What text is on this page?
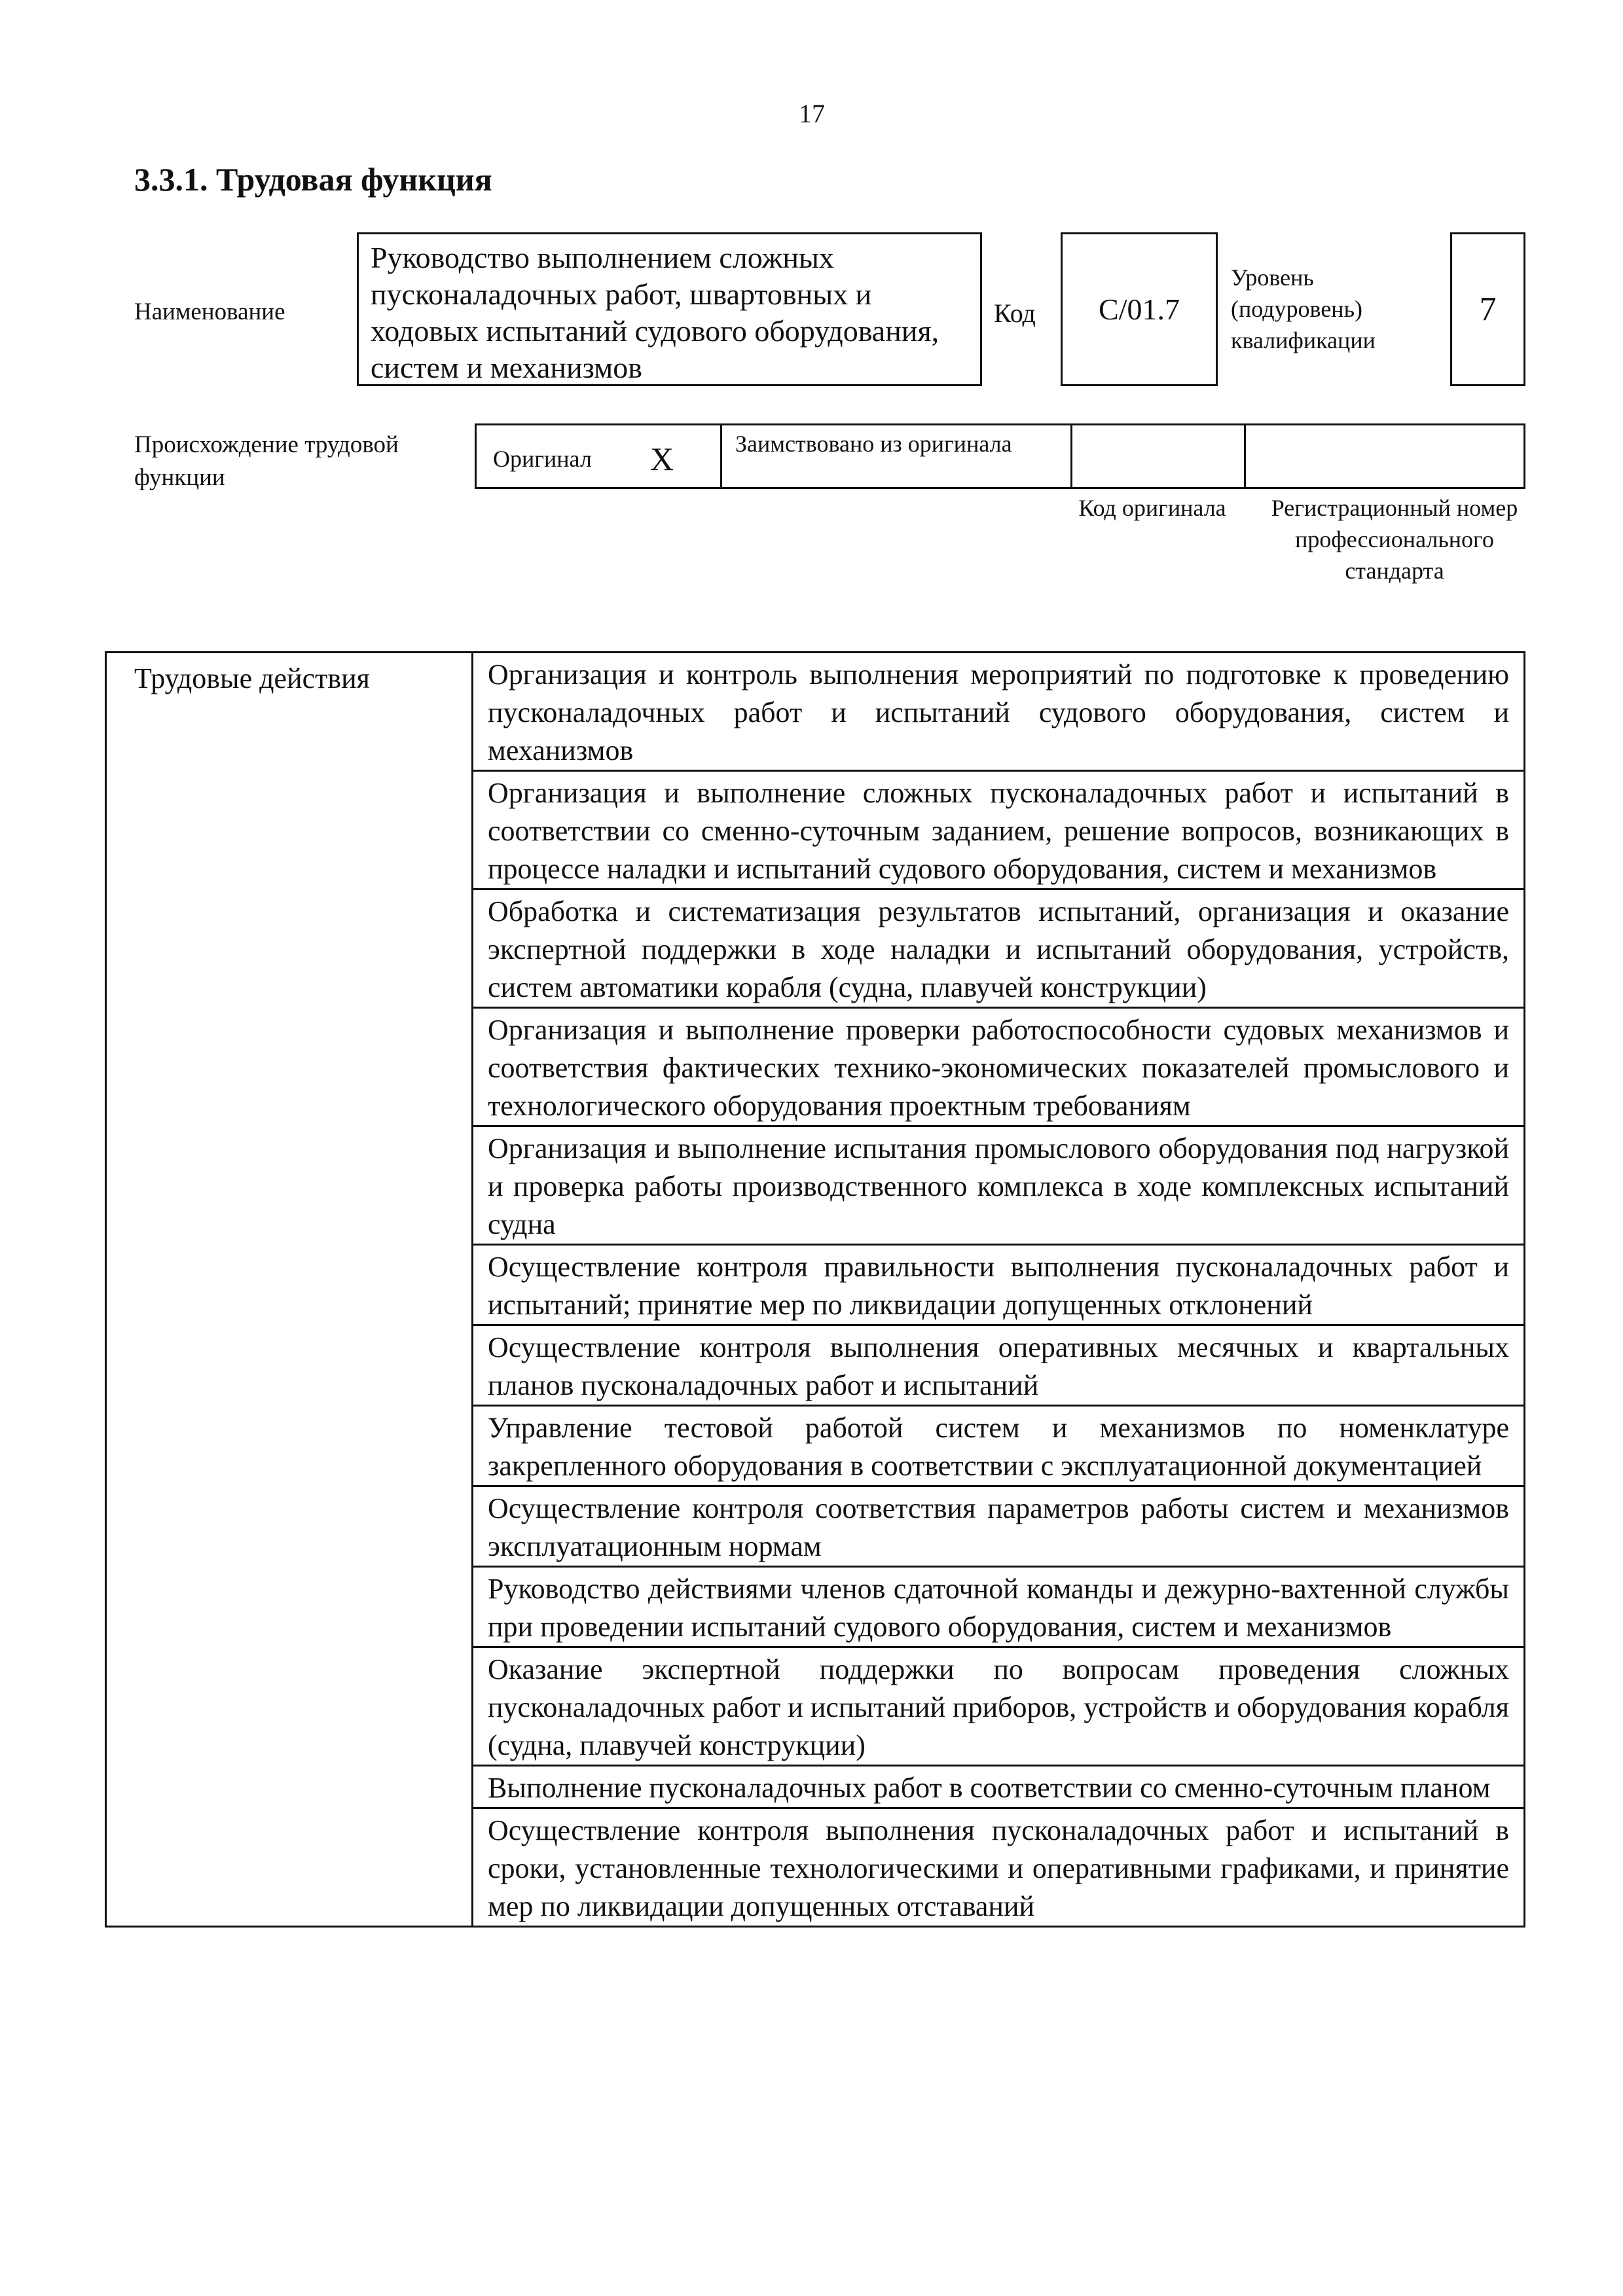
17
3.3.1. Трудовая функция
Наименование
Руководство выполнением сложных пусконаладочных работ, швартовных и ходовых испытаний судового оборудования, систем и механизмов
Код	C/01.7
Уровень (подуровень) квалификации
7
Происхождение трудовой функции
Оригинал X	Заимствовано из оригинала
Код оригинала	Регистрационный номер профессионального стандарта
Трудовые действия	Организация и контроль выполнения мероприятий по подготовке к проведению пусконаладочных работ и испытаний судового оборудования, систем и механизмов
Организация и выполнение сложных пусконаладочных работ и испытаний в соответствии со сменно-суточным заданием, решение вопросов, возникающих в процессе наладки и испытаний судового оборудования, систем и механизмов
Обработка и систематизация результатов испытаний, организация и оказание экспертной поддержки в ходе наладки и испытаний оборудования, устройств, систем автоматики корабля (судна, плавучей конструкции)
Организация и выполнение проверки работоспособности судовых механизмов и соответствия фактических технико-экономических показателей промыслового и технологического оборудования проектным требованиям
Организация и выполнение испытания промыслового оборудования под нагрузкой и проверка работы производственного комплекса в ходе комплексных испытаний судна
Осуществление контроля правильности выполнения пусконаладочных работ и испытаний; принятие мер по ликвидации допущенных отклонений
Осуществление контроля выполнения оперативных месячных и квартальных планов пусконаладочных работ и испытаний
Управление тестовой работой систем и механизмов по номенклатуре закрепленного оборудования в соответствии с эксплуатационной документацией
Осуществление контроля соответствия параметров работы систем и механизмов эксплуатационным нормам
Руководство действиями членов сдаточной команды и дежурно-вахтенной службы при проведении испытаний судового оборудования, систем и механизмов
Оказание экспертной поддержки по вопросам проведения сложных пусконаладочных работ и испытаний приборов, устройств и оборудования корабля (судна, плавучей конструкции)
Выполнение пусконаладочных работ в соответствии со сменно-суточным планом
Осуществление контроля выполнения пусконаладочных работ и испытаний в сроки, установленные технологическими и оперативными графиками, и принятие мер по ликвидации допущенных отставаний
